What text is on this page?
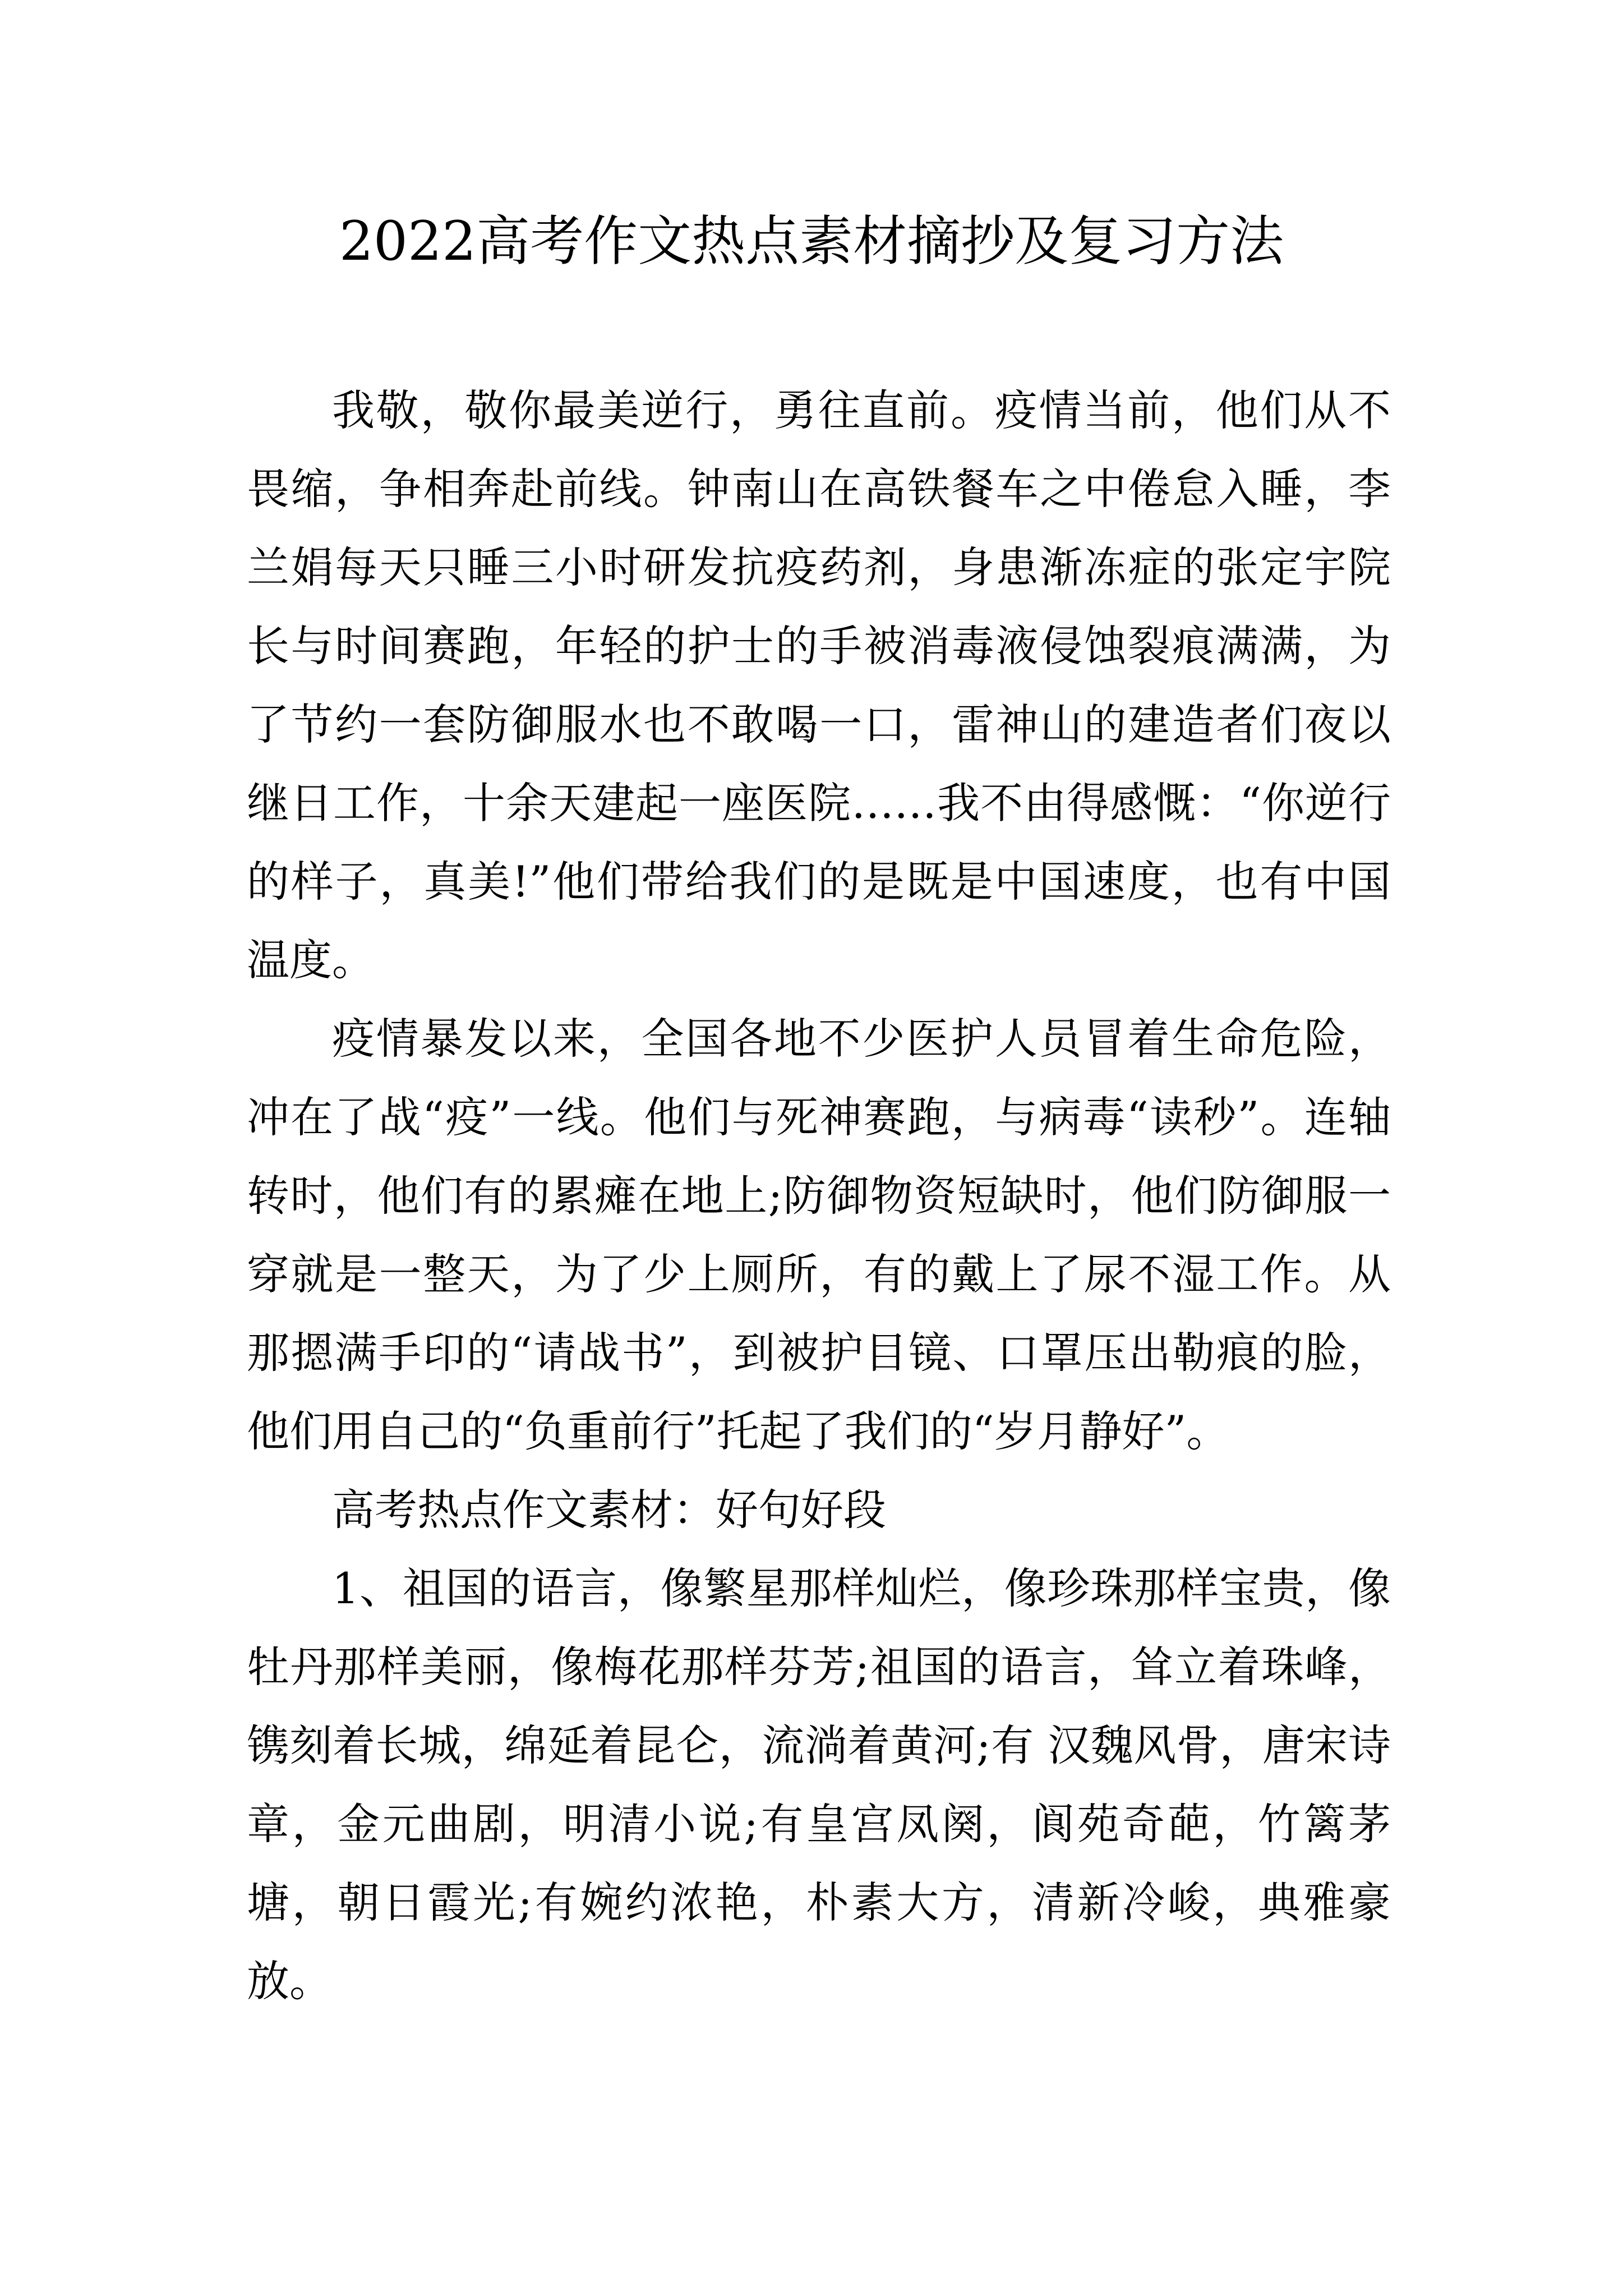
2022高考作文热点素材摘抄及复习方法

我敬，敬你最美逆行，勇往直前。疫情当前，他们从不畏缩，争相奔赴前线。钟南山在高铁餐车之中倦怠入睡，李兰娟每天只睡三小时研发抗疫药剂，身患渐冻症的张定宇院长与时间赛跑，年轻的护士的手被消毒液侵蚀裂痕满满，为了节约一套防御服水也不敢喝一口，雷神山的建造者们夜以继日工作，十余天建起一座医院……我不由得感慨：“你逆行的样子，真美!”他们带给我们的是既是中国速度，也有中国温度。

疫情暴发以来，全国各地不少医护人员冒着生命危险，冲在了战“疫”一线。他们与死神赛跑，与病毒“读秒”。连轴转时，他们有的累瘫在地上;防御物资短缺时，他们防御服一穿就是一整天，为了少上厕所，有的戴上了尿不湿工作。从那摁满手印的“请战书”，到被护目镜、口罩压出勒痕的脸，他们用自己的“负重前行”托起了我们的“岁月静好”。

高考热点作文素材：好句好段

1、祖国的语言，像繁星那样灿烂，像珍珠那样宝贵，像牡丹那样美丽，像梅花那样芬芳;祖国的语言，耸立着珠峰，镌刻着长城，绵延着昆仑，流淌着黄河;有 汉魏风骨，唐宋诗章，金元曲剧，明清小说;有皇宫凤阕，阆苑奇葩，竹篱茅塘，朝日霞光;有婉约浓艳，朴素大方，清新冷峻，典雅豪放。
